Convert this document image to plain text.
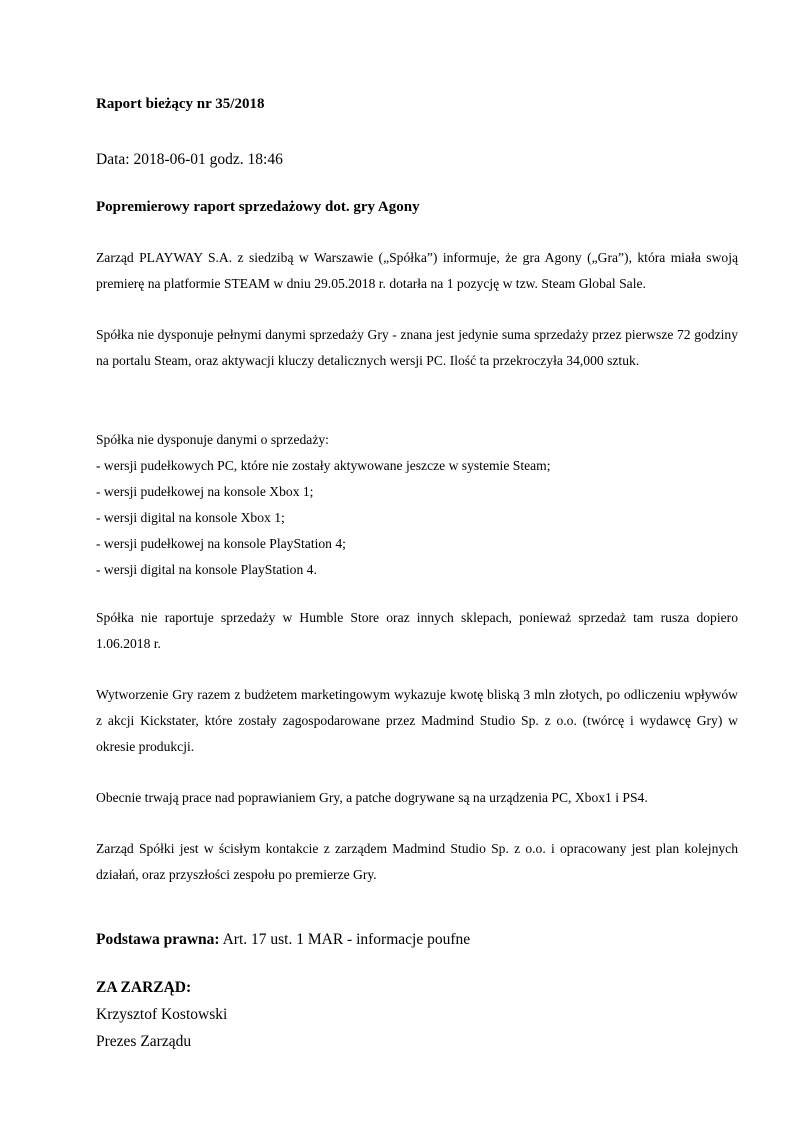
Raport bieżący nr 35/2018

Data: 2018-06-01 godz. 18:46

Popremierowy raport sprzedażowy dot. gry Agony

Zarząd PLAYWAY S.A. z siedzibą w Warszawie („Spółka”) informuje, że gra Agony („Gra”), która miała swoją premierę na platformie STEAM w dniu 29.05.2018 r. dotarła na 1 pozycję w tzw. Steam Global Sale.

Spółka nie dysponuje pełnymi danymi sprzedaży Gry - znana jest jedynie suma sprzedaży przez pierwsze 72 godziny na portalu Steam, oraz aktywacji kluczy detalicznych wersji PC. Ilość ta przekroczyła 34,000 sztuk.

Spółka nie dysponuje danymi o sprzedaży:
- wersji pudełkowych PC, które nie zostały aktywowane jeszcze w systemie Steam;
- wersji pudełkowej na konsole Xbox 1;
- wersji digital na konsole Xbox 1;
- wersji pudełkowej na konsole PlayStation 4;
- wersji digital na konsole PlayStation 4.

Spółka nie raportuje sprzedaży w Humble Store oraz innych sklepach, ponieważ sprzedaż tam rusza dopiero 1.06.2018 r.

Wytworzenie Gry razem z budżetem marketingowym wykazuje kwotę bliską 3 mln złotych, po odliczeniu wpływów z akcji Kickstater, które zostały zagospodarowane przez Madmind Studio Sp. z o.o. (twórcę i wydawcę Gry) w okresie produkcji.

Obecnie trwają prace nad poprawianiem Gry, a patche dogrywane są na urządzenia PC, Xbox1 i PS4.

Zarząd Spółki jest w ścisłym kontakcie z zarządem Madmind Studio Sp. z o.o. i opracowany jest plan kolejnych działań, oraz przyszłości zespołu po premierze Gry.

Podstawa prawna: Art. 17 ust. 1 MAR - informacje poufne

ZA ZARZĄD:

Krzysztof Kostowski

Prezes Zarządu
